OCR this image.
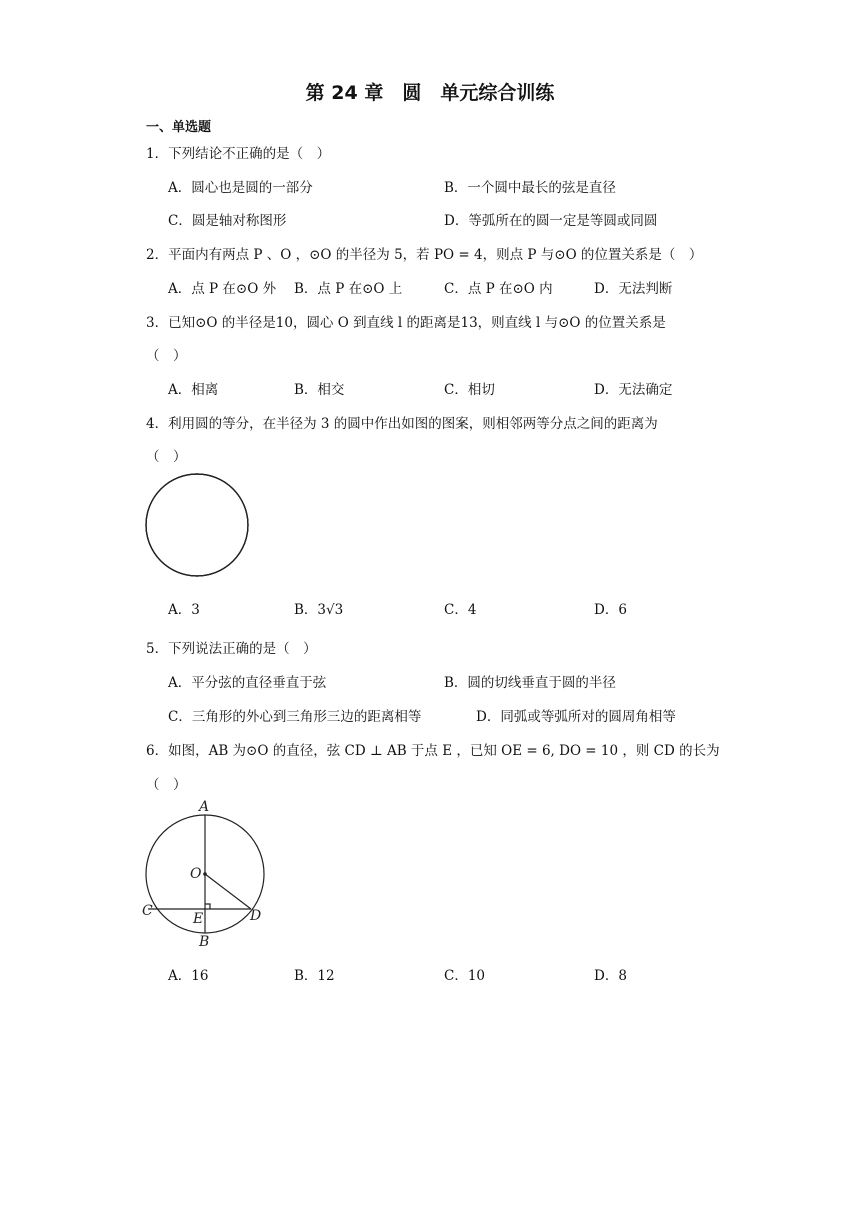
第 24 章　圆　单元综合训练
一、单选题
1．下列结论不正确的是（　）
A．圆心也是圆的一部分	B．一个圆中最长的弦是直径
C．圆是轴对称图形	D．等弧所在的圆一定是等圆或同圆
2．平面内有两点 P 、O ，⊙O 的半径为 5，若 PO = 4，则点 P 与⊙O 的位置关系是（　）
A．点 P 在⊙O 外 B．点 P 在⊙O 上	C．点 P 在⊙O 内	D．无法判断
3．已知⊙O 的半径是10，圆心 O 到直线 l 的距离是13，则直线 l 与⊙O 的位置关系是
（　）
A．相离	B．相交	C．相切	D．无法确定
4．利用圆的等分，在半径为 3 的圆中作出如图的图案，则相邻两等分点之间的距离为
（　）
A．3	B．3√3	C．4	D．6
5．下列说法正确的是（　）
A．平分弦的直径垂直于弦	B．圆的切线垂直于圆的半径
C．三角形的外心到三角形三边的距离相等	D．同弧或等弧所对的圆周角相等
6．如图，AB 为⊙O 的直径，弦 CD ⊥ AB 于点 E ，已知 OE = 6, DO = 10 ，则 CD 的长为
（　）
A
O
C	E	D
B
A．16	B．12	C．10	D．8
